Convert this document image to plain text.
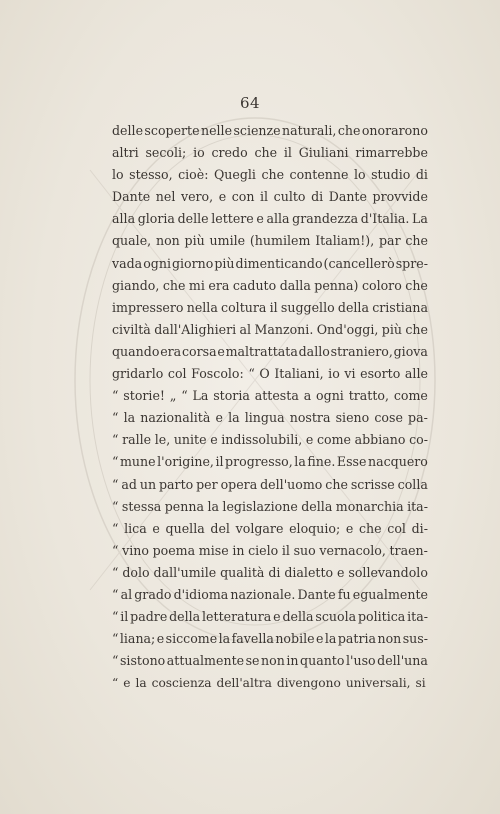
64
delle scoperte nelle scienze naturali, che onorarono
altri secoli; io credo che il Giuliani rimarrebbe
lo stesso, cioè: Quegli che contenne lo studio di
Dante nel vero, e con il culto di Dante provvide
alla gloria delle lettere e alla grandezza d'Italia. La
quale, non più umile (humilem Italiam!), par che
vada ogni giorno più dimenticando (cancellerò spre-
giando, che mi era caduto dalla penna) coloro che
impressero nella coltura il suggello della cristiana
civiltà dall'Alighieri al Manzoni. Ond'oggi, più che
quando era corsa e maltrattata dallo straniero, giova
gridarlo col Foscolo: “ O Italiani, io vi esorto alle
“ storie! „ “ La storia attesta a ogni tratto, come
“ la nazionalità e la lingua nostra sieno cose pa-
“ ralle le, unite e indissolubili, e come abbiano co-
“ mune l'origine, il progresso, la fine. Esse nacquero
“ ad un parto per opera dell'uomo che scrisse colla
“ stessa penna la legislazione della monarchia ita-
“ lica e quella del volgare eloquio; e che col di-
“ vino poema mise in cielo il suo vernacolo, traen-
“ dolo dall'umile qualità di dialetto e sollevandolo
“ al grado d'idioma nazionale. Dante fu egualmente
“ il padre della letteratura e della scuola politica ita-
“ liana; e siccome la favella nobile e la patria non sus-
“ sistono attualmente se non in quanto l'uso dell'una
“ e la coscienza dell'altra divengono universali, si
